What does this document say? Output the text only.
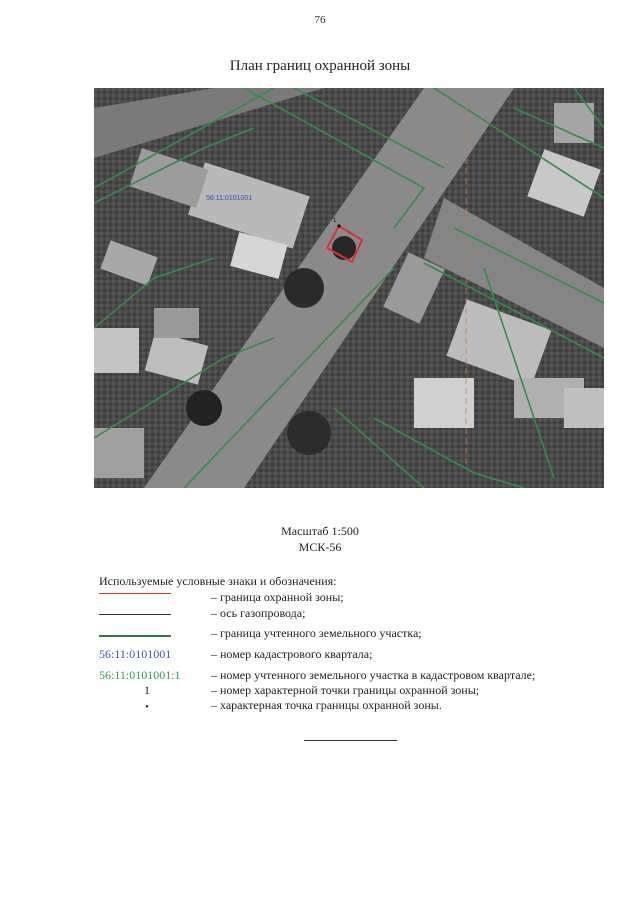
76
План границ охранной зоны
1
56:11:0101001
Масштаб 1:500
МСК-56
Используемые условные знаки и обозначения:
– граница охранной зоны;
– ось газопровода;
– граница учтенного земельного участка;
56:11:0101001	– номер кадастрового квартала;
56:11:0101001:1	– номер учтенного земельного участка в кадастровом квартале;
1	– номер характерной точки границы охранной зоны;
•	– характерная точка границы охранной зоны.
